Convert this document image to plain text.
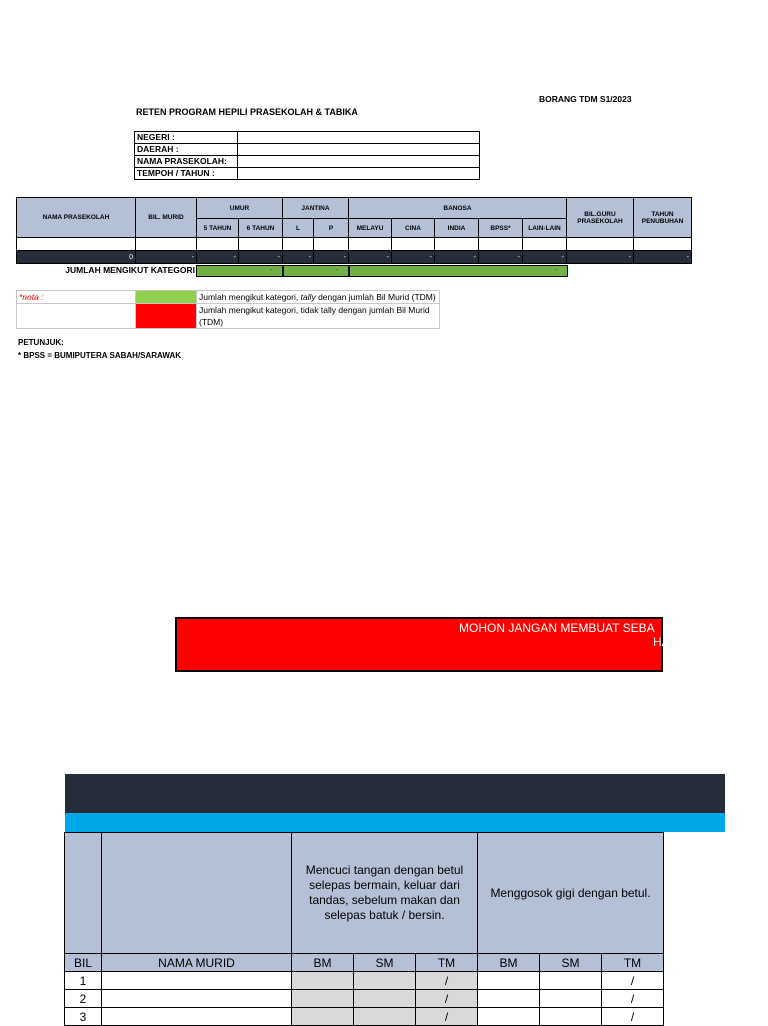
BORANG TDM S1/2023
RETEN PROGRAM HEPILI PRASEKOLAH & TABIKA
NEGERI :	
DAERAH :	
NAMA PRASEKOLAH:	
TEMPOH / TAHUN :	
NAMA PRASEKOLAH	BIL. MURID	UMUR		JANTINA		BANOSA					BIL.GURU PRASEKOLAH	TAHUN PENUBUHAN
		5 TAHUN	6 TAHUN	L	P	MELAYU	CINA	INDIA	BPSS*	LAIN-LAIN		

0	-	-	-	-	-	-	-	-	-	-	-	-
JUMLAH MENGIKUT KATEGORI	-	-	-
*nota :		Jumlah mengikut kategori, tally dengan jumlah Bil Murid (TDM)
		Jumlah mengikut kategori, tidak tally dengan jumlah Bil Murid (TDM)
PETUNJUK:
* BPSS = BUMIPUTERA SABAH/SARAWAK
MOHON JANGAN MEMBUAT SEBA
HA
		Mencuci tangan dengan betul selepas bermain, keluar dari tandas, sebelum makan dan selepas batuk / bersin.			Menggosok gigi dengan betul.		
BIL	NAMA MURID	BM	SM	TM	BM	SM	TM
1				/			/
2				/			/
3				/			/
